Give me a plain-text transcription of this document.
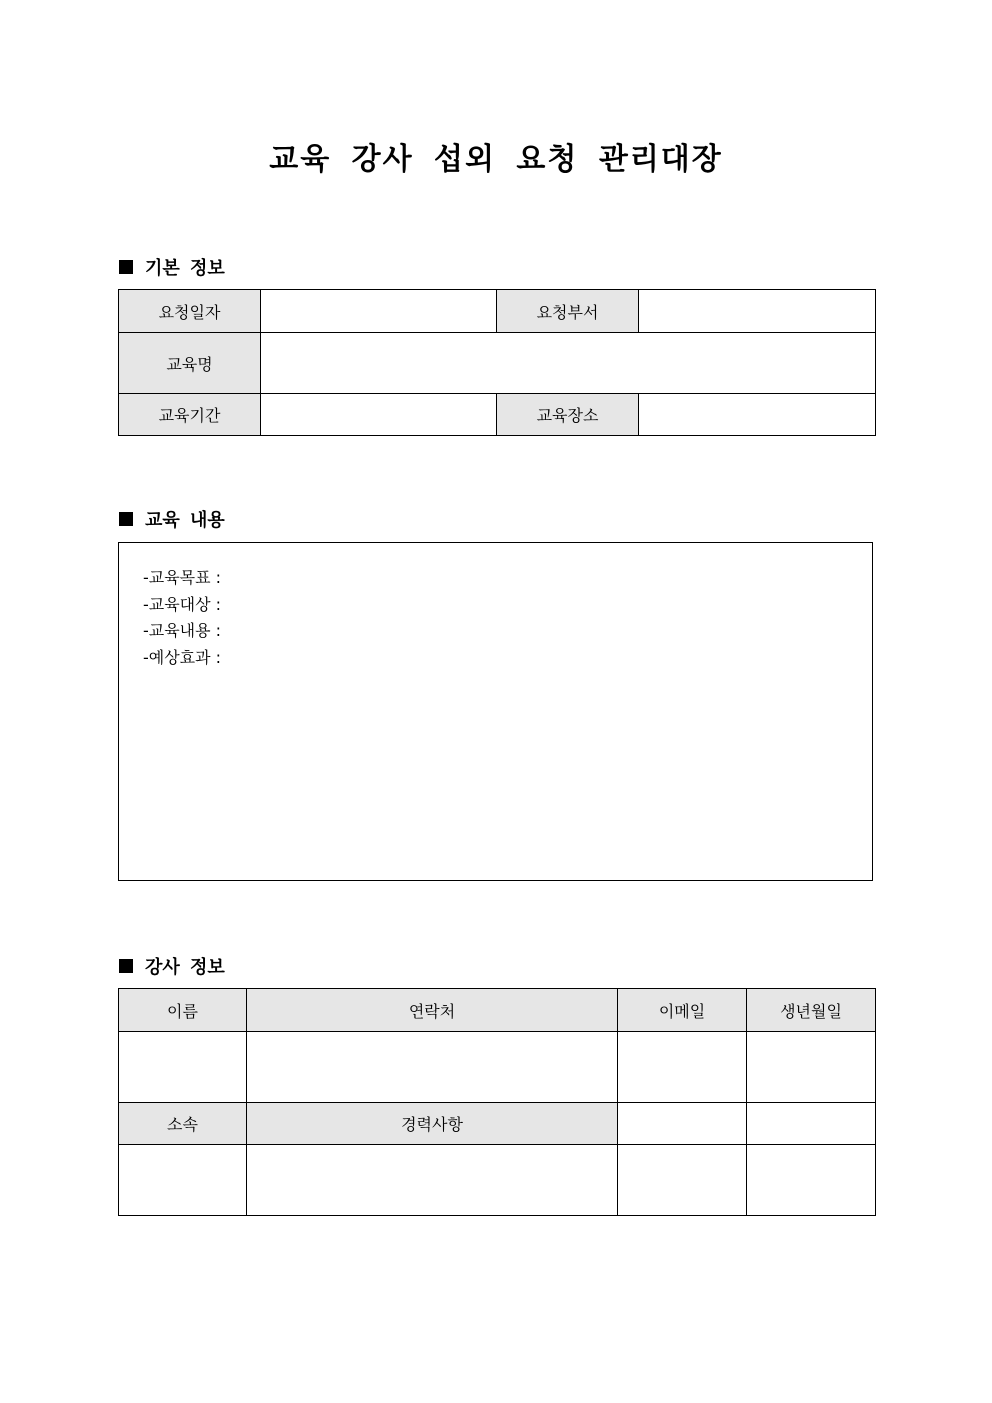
교육 강사 섭외 요청 관리대장
기본 정보
요청일자		요청부서	
교육명			
교육기간		교육장소	
교육 내용
-교육목표 :
-교육대상 :
-교육내용 :
-예상효과 :
강사 정보
이름	연락처	이메일	생년월일

소속	경력사항		
